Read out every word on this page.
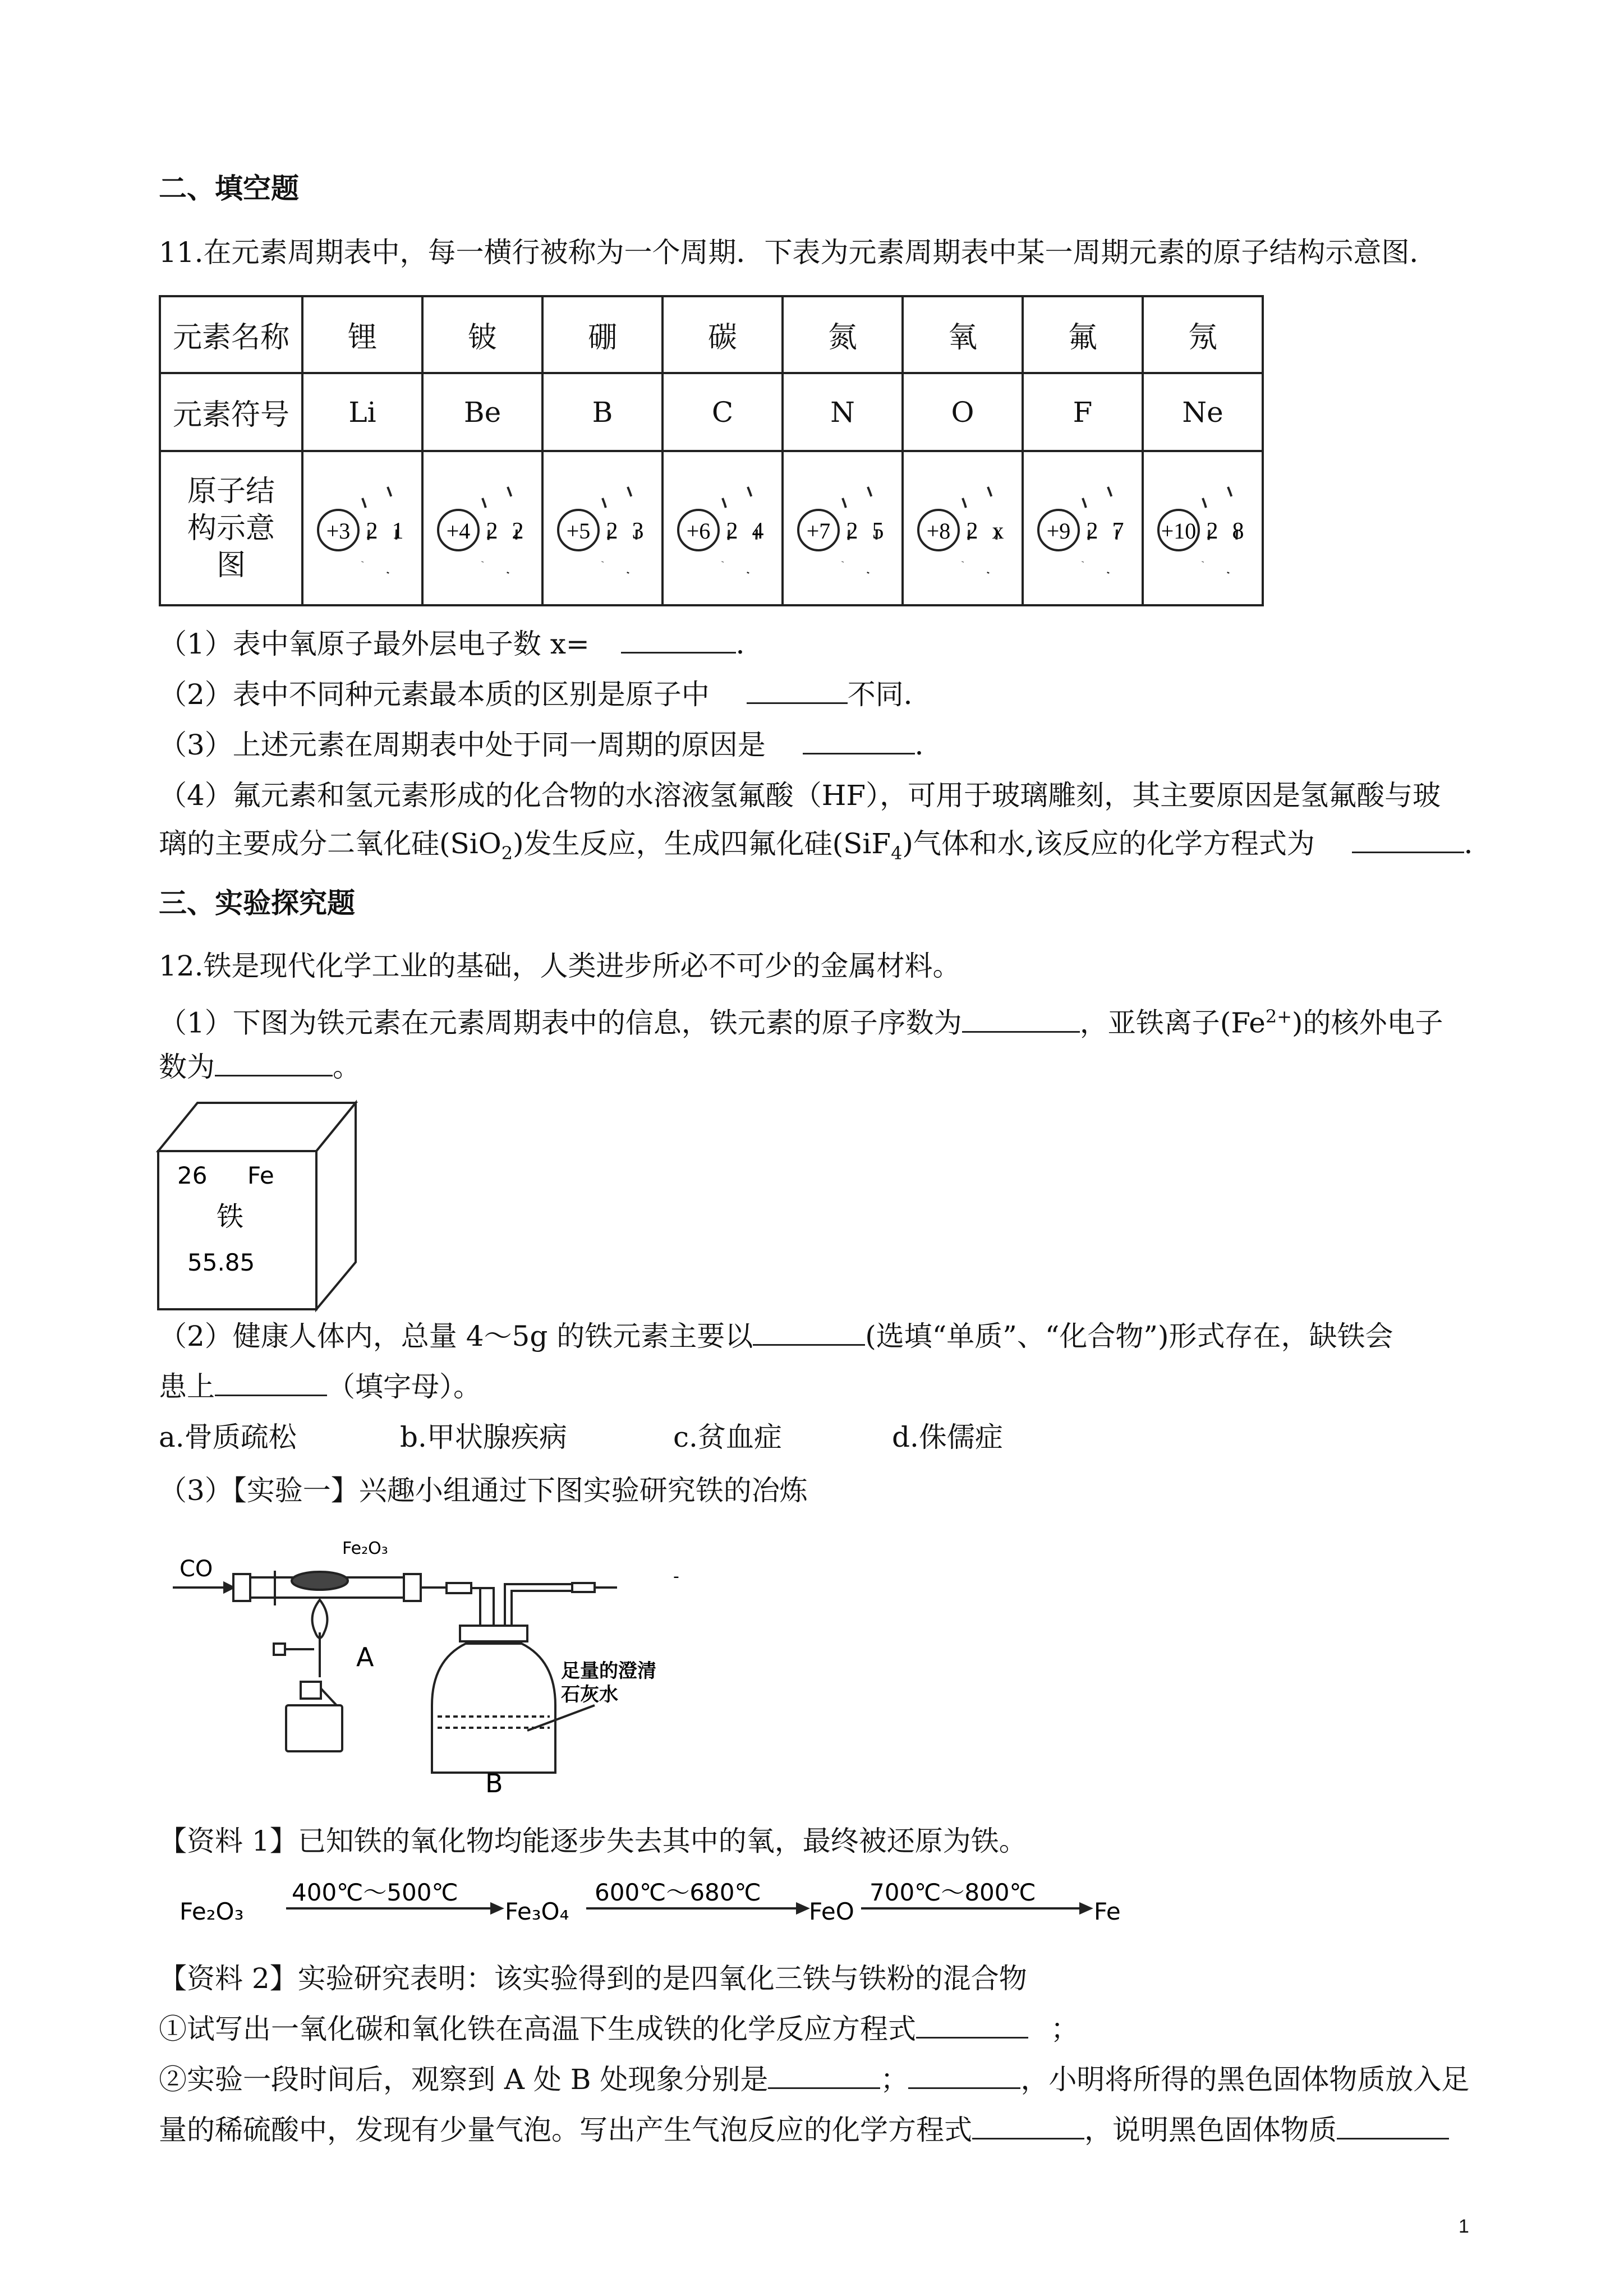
二、填空题
11.在元素周期表中，每一横行被称为一个周期．下表为元素周期表中某一周期元素的原子结构示意图．
元素名称	锂	铍	硼	碳	氮	氧	氟	氖
元素符号	Li	Be	B	C	N	O	F	Ne

原子结构示意图	+3 2 1	+4 2 2	+5 2 3	+6 2 4	+7 2 5	+8 2 x	+9 2 7	+10 2 8
（1）表中氧原子最外层电子数 x=	．
（2）表中不同种元素最本质的区别是原子中	不同．
（3）上述元素在周期表中处于同一周期的原因是	．
（4）氟元素和氢元素形成的化合物的水溶液氢氟酸（HF），可用于玻璃雕刻，其主要原因是氢氟酸与玻
璃的主要成分二氧化硅(SiO$_2$)发生反应，生成四氟化硅(SiF$_4$)气体和水,该反应的化学方程式为	．
三、实验探究题
12.铁是现代化学工业的基础，人类进步所必不可少的金属材料。
（1）下图为铁元素在元素周期表中的信息，铁元素的原子序数为	，亚铁离子$(Fe^{2+})$的核外电子
数为	。
26 Fe
铁
55.85
（2）健康人体内，总量 4～5g 的铁元素主要以	(选填“单质”、“化合物”)形式存在，缺铁会
患上	（填字母）。
a.骨质疏松	b.甲状腺疾病	c.贫血症	d.侏儒症
（3）【实验一】兴趣小组通过下图实验研究铁的冶炼
CO
Fe₂O₃
A
B
足量的澄清
石灰水
-
【资料 1】已知铁的氧化物均能逐步失去其中的氧，最终被还原为铁。
Fe₂O₃
400℃～500℃
Fe₃O₄
600℃～680℃
FeO
700℃～800℃
Fe
【资料 2】实验研究表明：该实验得到的是四氧化三铁与铁粉的混合物
①试写出一氧化碳和氧化铁在高温下生成铁的化学反应方程式	；
②实验一段时间后，观察到 A 处 B 处现象分别是	；	，小明将所得的黑色固体物质放入足
量的稀硫酸中，发现有少量气泡。写出产生气泡反应的化学方程式	，说明黑色固体物质
1
